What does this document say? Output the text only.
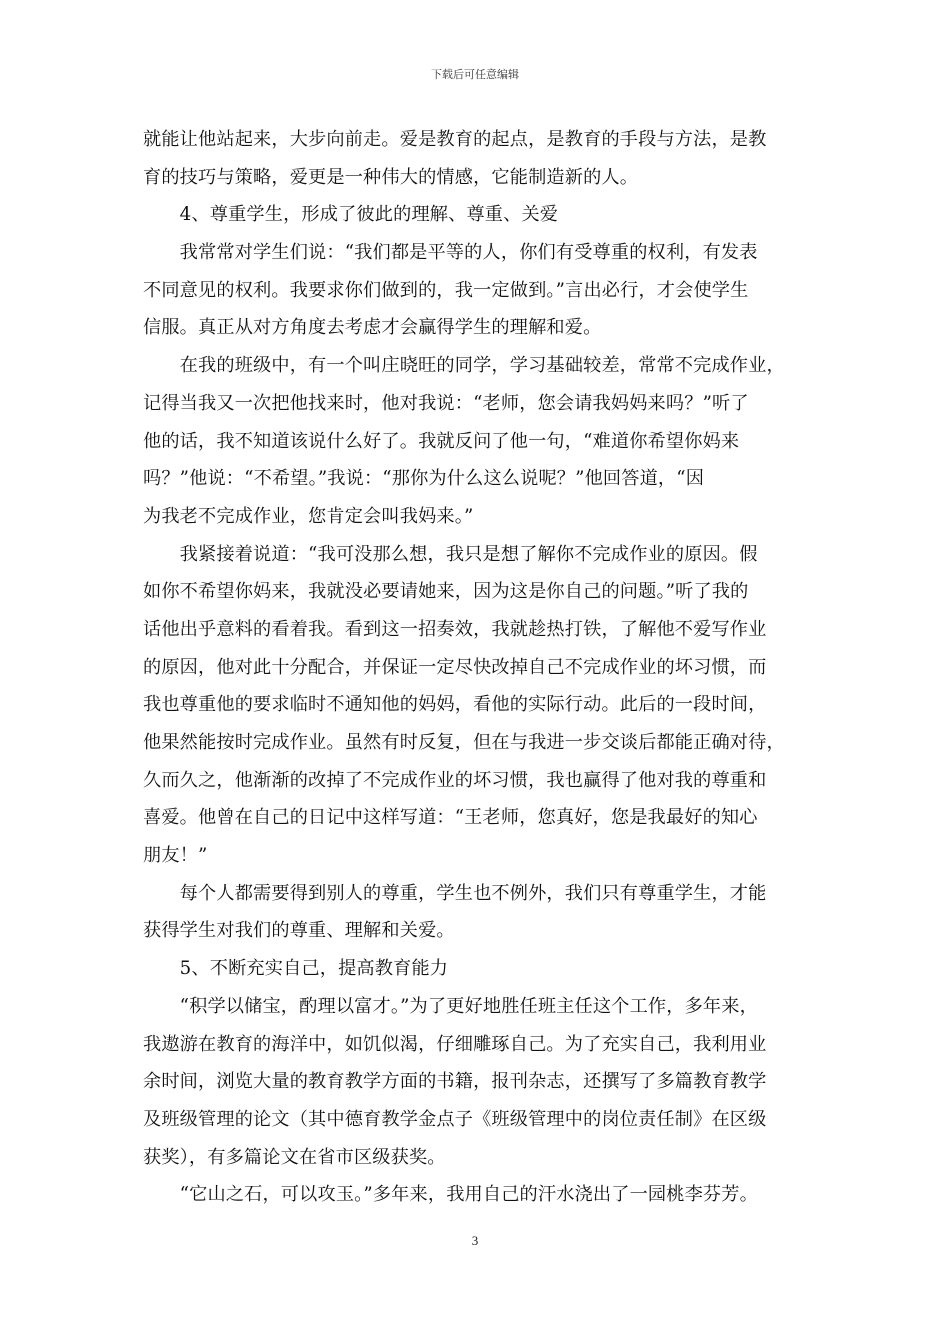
下载后可任意编辑
就能让他站起来，大步向前走。爱是教育的起点，是教育的手段与方法，是教
育的技巧与策略，爱更是一种伟大的情感，它能制造新的人。
　　4、尊重学生，形成了彼此的理解、尊重、关爱
　　我常常对学生们说：“我们都是平等的人，你们有受尊重的权利，有发表
不同意见的权利。我要求你们做到的，我一定做到。”言出必行，才会使学生
信服。真正从对方角度去考虑才会赢得学生的理解和爱。
　　在我的班级中，有一个叫庄晓旺的同学，学习基础较差，常常不完成作业，
记得当我又一次把他找来时，他对我说：“老师，您会请我妈妈来吗？”听了
他的话，我不知道该说什么好了。我就反问了他一句，“难道你希望你妈来
吗？”他说：“不希望。”我说：“那你为什么这么说呢？”他回答道，“因
为我老不完成作业，您肯定会叫我妈来。”
　　我紧接着说道：“我可没那么想，我只是想了解你不完成作业的原因。假
如你不希望你妈来，我就没必要请她来，因为这是你自己的问题。”听了我的
话他出乎意料的看着我。看到这一招奏效，我就趁热打铁，了解他不爱写作业
的原因，他对此十分配合，并保证一定尽快改掉自己不完成作业的坏习惯，而
我也尊重他的要求临时不通知他的妈妈，看他的实际行动。此后的一段时间，
他果然能按时完成作业。虽然有时反复，但在与我进一步交谈后都能正确对待，
久而久之，他渐渐的改掉了不完成作业的坏习惯，我也赢得了他对我的尊重和
喜爱。他曾在自己的日记中这样写道：“王老师，您真好，您是我最好的知心
朋友！”
　　每个人都需要得到别人的尊重，学生也不例外，我们只有尊重学生，才能
获得学生对我们的尊重、理解和关爱。
　　5、不断充实自己，提高教育能力
　　“积学以储宝，酌理以富才。”为了更好地胜任班主任这个工作，多年来，
我遨游在教育的海洋中，如饥似渴，仔细雕琢自己。为了充实自己，我利用业
余时间，浏览大量的教育教学方面的书籍，报刊杂志，还撰写了多篇教育教学
及班级管理的论文（其中德育教学金点子《班级管理中的岗位责任制》在区级
获奖），有多篇论文在省市区级获奖。
　　“它山之石，可以攻玉。”多年来，我用自己的汗水浇出了一园桃李芬芳。
3
